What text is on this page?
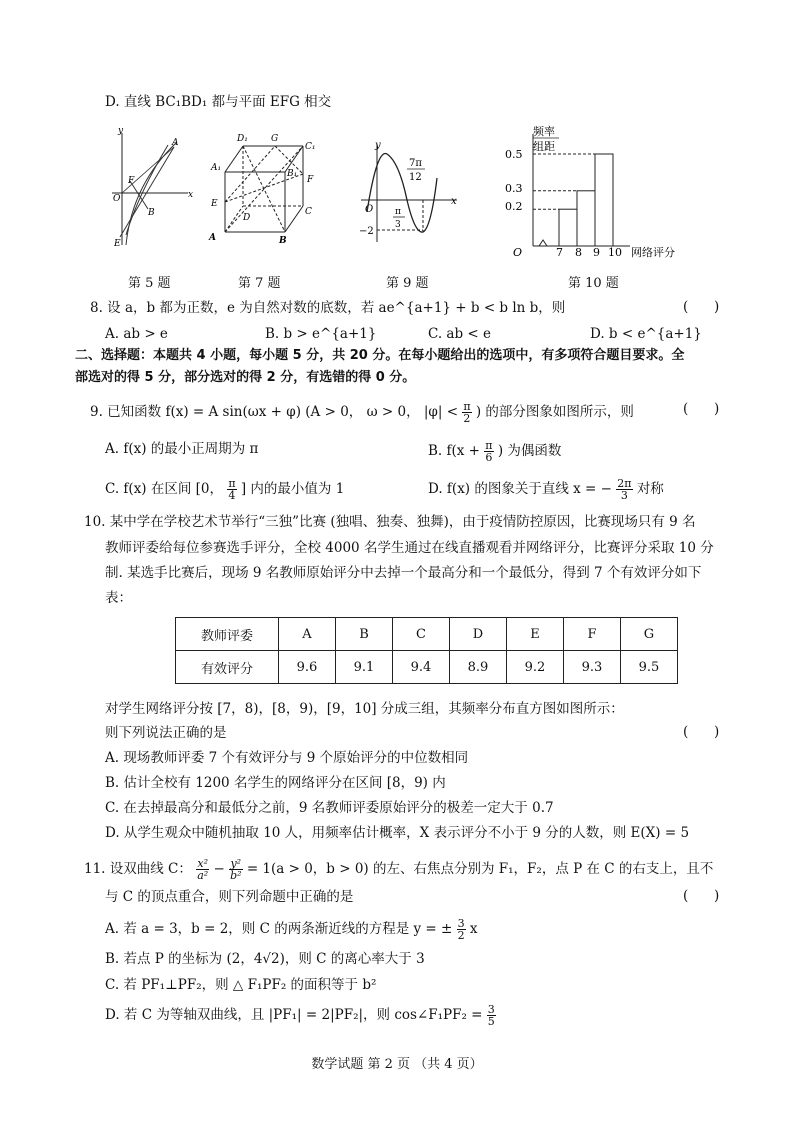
D. 直线 BC₁BD₁ 都与平面 EFG 相交
y
A
F
O	x
B
E
D₁	G
C₁
A₁
B₁
F
E
D
C
A	B
y
7π
12
O
x
π
3
−2
频率
组距
0.5
0.3
0.2
7 8 9 10 网络评分
O
第 5 题	第 7 题	第 9 题	第 10 题
8. 设 a，b 都为正数，e 为自然对数的底数，若 ae^{a+1} + b < b ln b，则	(      )
A. ab > e	B. b > e^{a+1}	C. ab < e	D. b < e^{a+1}
二、选择题：本题共 4 小题，每小题 5 分，共 20 分。在每小题给出的选项中，有多项符合题目要求。全
部选对的得 5 分，部分选对的得 2 分，有选错的得 0 分。
9. 已知函数 f(x) = A sin(ωx + φ) (A > 0， ω > 0， $|\varphi| < \frac{\pi}{2}$ ) 的部分图象如图所示，则	(      )
A. f(x) 的最小正周期为 π	B. $f(x + \frac{\pi}{6}$ ) 为偶函数
C. f(x) 在区间 [0， $\frac{\pi}{4}$ ] 内的最小值为 1	D. f(x) 的图象关于直线 x = − $\frac{2\pi}{3}$ 对称
10. 某中学在学校艺术节举行“三独”比赛 (独唱、独奏、独舞)，由于疫情防控原因，比赛现场只有 9 名
教师评委给每位参赛选手评分，全校 4000 名学生通过在线直播观看并网络评分，比赛评分采取 10 分
制. 某选手比赛后，现场 9 名教师原始评分中去掉一个最高分和一个最低分，得到 7 个有效评分如下
表：
教师评委	A	B	C	D	E	F	G
有效评分	9.6	9.1	9.4	8.9	9.2	9.3	9.5
对学生网络评分按 [7，8)，[8，9)，[9，10] 分成三组，其频率分布直方图如图所示：
则下列说法正确的是	(      )
A. 现场教师评委 7 个有效评分与 9 个原始评分的中位数相同
B. 估计全校有 1200 名学生的网络评分在区间 [8，9) 内
C. 在去掉最高分和最低分之前，9 名教师评委原始评分的极差一定大于 0.7
D. 从学生观众中随机抽取 10 人，用频率估计概率，X 表示评分不小于 9 分的人数，则 E(X) = 5
11. 设双曲线 C： $\frac{\text{x²}}{\text{a²}} - \frac{\text{y²}}{\text{b²}} = 1(a > 0$，b > 0) 的左、右焦点分别为 F₁，F₂，点 P 在 C 的右支上，且不
与 C 的顶点重合，则下列命题中正确的是	(      )
A. 若 a = 3，b = 2，则 C 的两条渐近线的方程是 y = ± $\frac{3}{2}$ x
B. 若点 P 的坐标为 (2，4√2)，则 C 的离心率大于 3
C. 若 PF₁⊥PF₂，则 △ F₁PF₂ 的面积等于 b²
D. 若 C 为等轴双曲线，且 |PF₁| = 2|PF₂|，则 cos∠F₁PF₂ = $\frac{3}{5}$
数学试题 第 2 页 （共 4 页）
